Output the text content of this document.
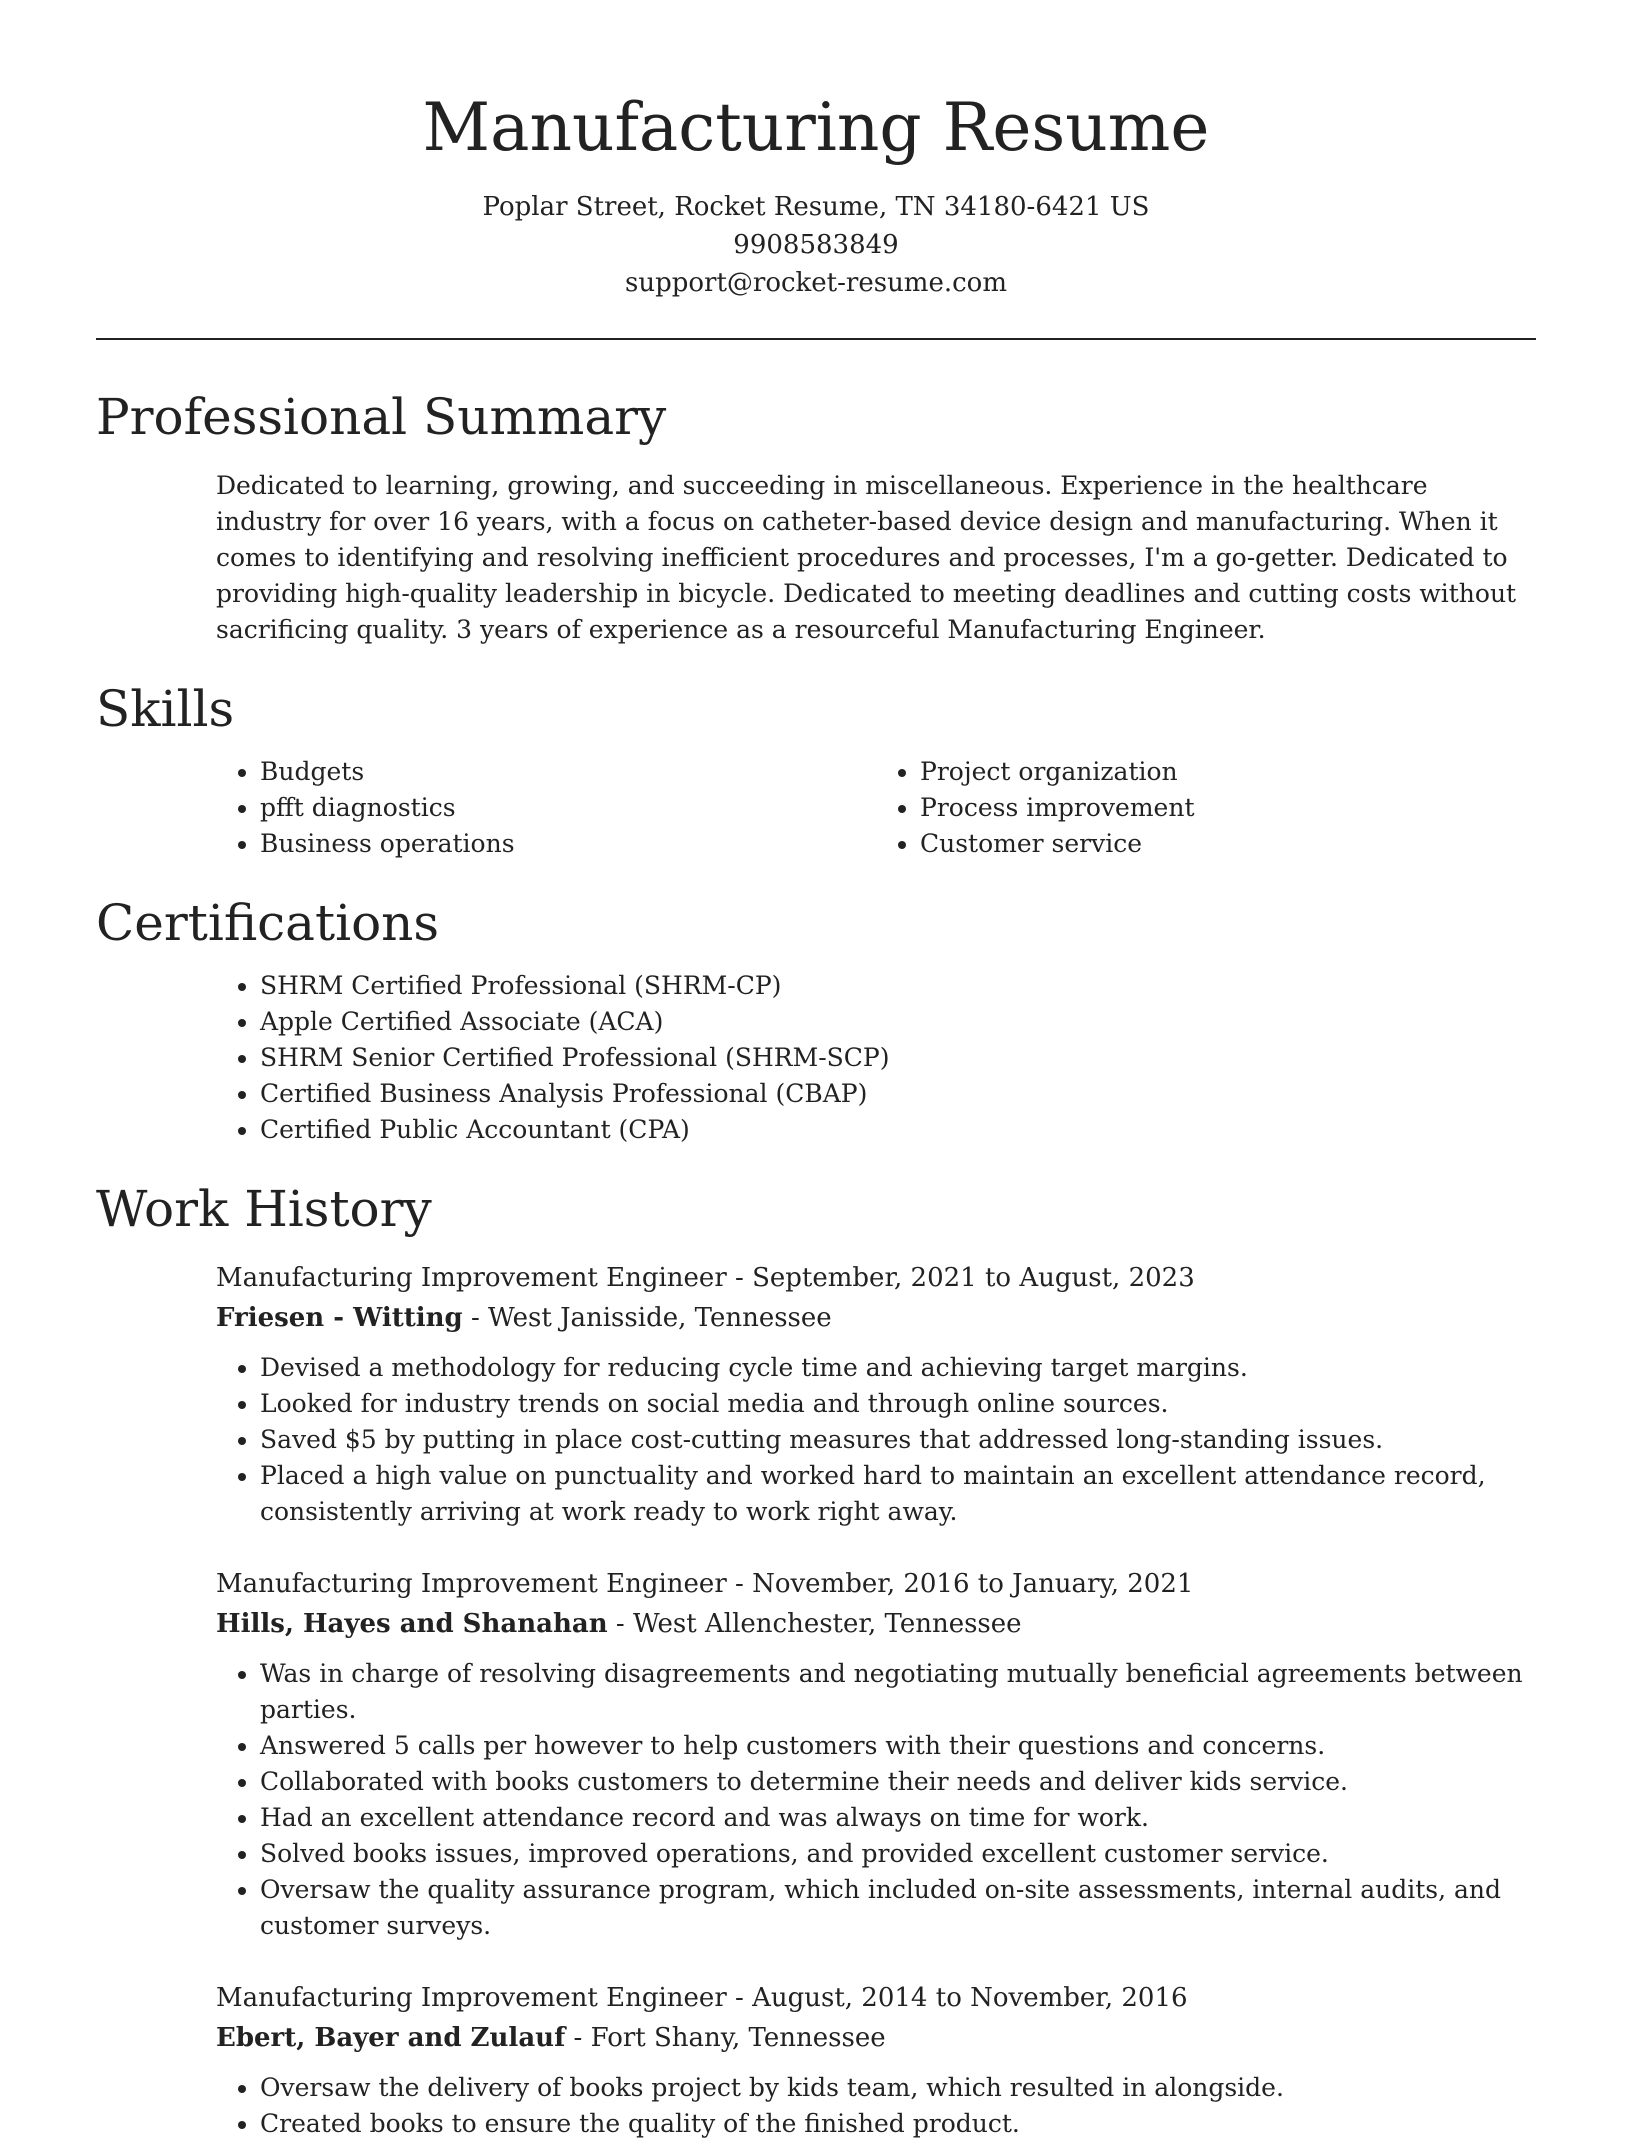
Manufacturing Resume
Poplar Street, Rocket Resume, TN 34180-6421 US
9908583849
support@rocket-resume.com
Professional Summary

Dedicated to learning, growing, and succeeding in miscellaneous. Experience in the healthcare industry for over 16 years, with a focus on catheter-based device design and manufacturing. When it comes to identifying and resolving inefficient procedures and processes, I'm a go-getter. Dedicated to providing high-quality leadership in bicycle. Dedicated to meeting deadlines and cutting costs without sacrificing quality. 3 years of experience as a resourceful Manufacturing Engineer.

Skills
• Budgets
• pfft diagnostics
• Business operations
• Project organization
• Process improvement
• Customer service
Certifications
• SHRM Certified Professional (SHRM-CP)
• Apple Certified Associate (ACA)
• SHRM Senior Certified Professional (SHRM-SCP)
• Certified Business Analysis Professional (CBAP)
• Certified Public Accountant (CPA)
Work History
Manufacturing Improvement Engineer - September, 2021 to August, 2023
Friesen - Witting - West Janisside, Tennessee
• Devised a methodology for reducing cycle time and achieving target margins.
• Looked for industry trends on social media and through online sources.
• Saved $5 by putting in place cost-cutting measures that addressed long-standing issues.
• Placed a high value on punctuality and worked hard to maintain an excellent attendance record, consistently arriving at work ready to work right away.
Manufacturing Improvement Engineer - November, 2016 to January, 2021
Hills, Hayes and Shanahan - West Allenchester, Tennessee
• Was in charge of resolving disagreements and negotiating mutually beneficial agreements between parties.
• Answered 5 calls per however to help customers with their questions and concerns.
• Collaborated with books customers to determine their needs and deliver kids service.
• Had an excellent attendance record and was always on time for work.
• Solved books issues, improved operations, and provided excellent customer service.
• Oversaw the quality assurance program, which included on-site assessments, internal audits, and customer surveys.
Manufacturing Improvement Engineer - August, 2014 to November, 2016
Ebert, Bayer and Zulauf - Fort Shany, Tennessee
• Oversaw the delivery of books project by kids team, which resulted in alongside.
• Created books to ensure the quality of the finished product.
